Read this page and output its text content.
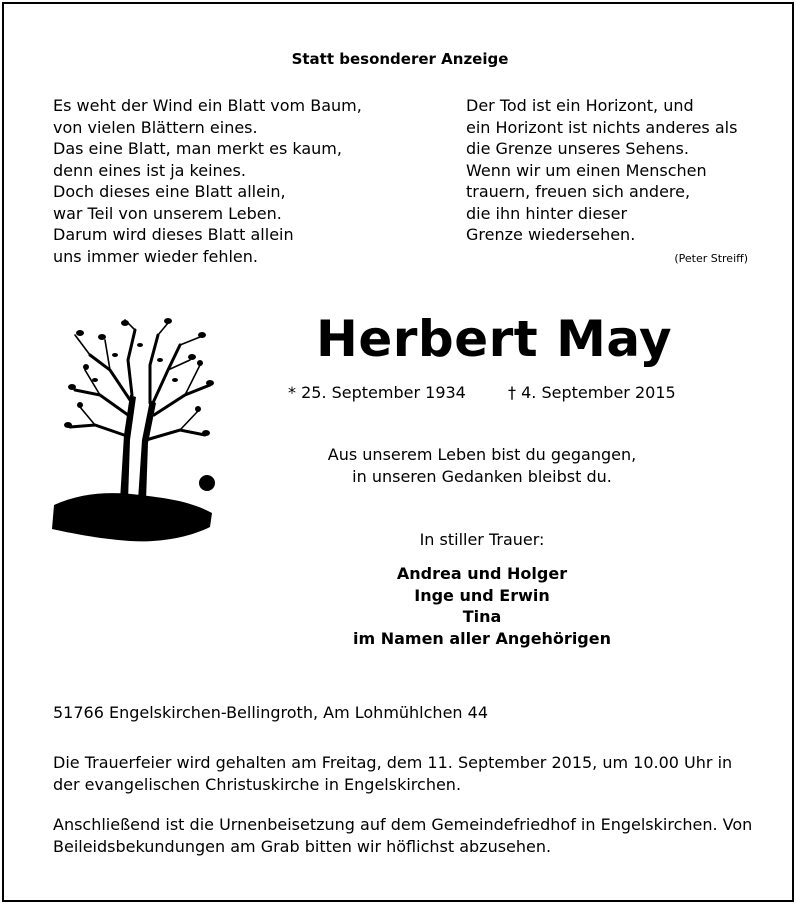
Statt besonderer Anzeige
Es weht der Wind ein Blatt vom Baum,
von vielen Blättern eines.
Das eine Blatt, man merkt es kaum,
denn eines ist ja keines.
Doch dieses eine Blatt allein,
war Teil von unserem Leben.
Darum wird dieses Blatt allein
uns immer wieder fehlen.
Der Tod ist ein Horizont, und
ein Horizont ist nichts anderes als
die Grenze unseres Sehens.
Wenn wir um einen Menschen
trauern, freuen sich andere,
die ihn hinter dieser
Grenze wiedersehen.
(Peter Streiff)
Herbert May
* 25. September 1934	† 4. September 2015
Aus unserem Leben bist du gegangen,
in unseren Gedanken bleibst du.
In stiller Trauer:
Andrea und Holger
Inge und Erwin
Tina
im Namen aller Angehörigen
51766 Engelskirchen-Bellingroth, Am Lohmühlchen 44
Die Trauerfeier wird gehalten am Freitag, dem 11. September 2015, um 10.00 Uhr in der evangelischen Christuskirche in Engelskirchen.
Anschließend ist die Urnenbeisetzung auf dem Gemeindefriedhof in Engelskirchen. Von Beileidsbekundungen am Grab bitten wir höflichst abzusehen.
